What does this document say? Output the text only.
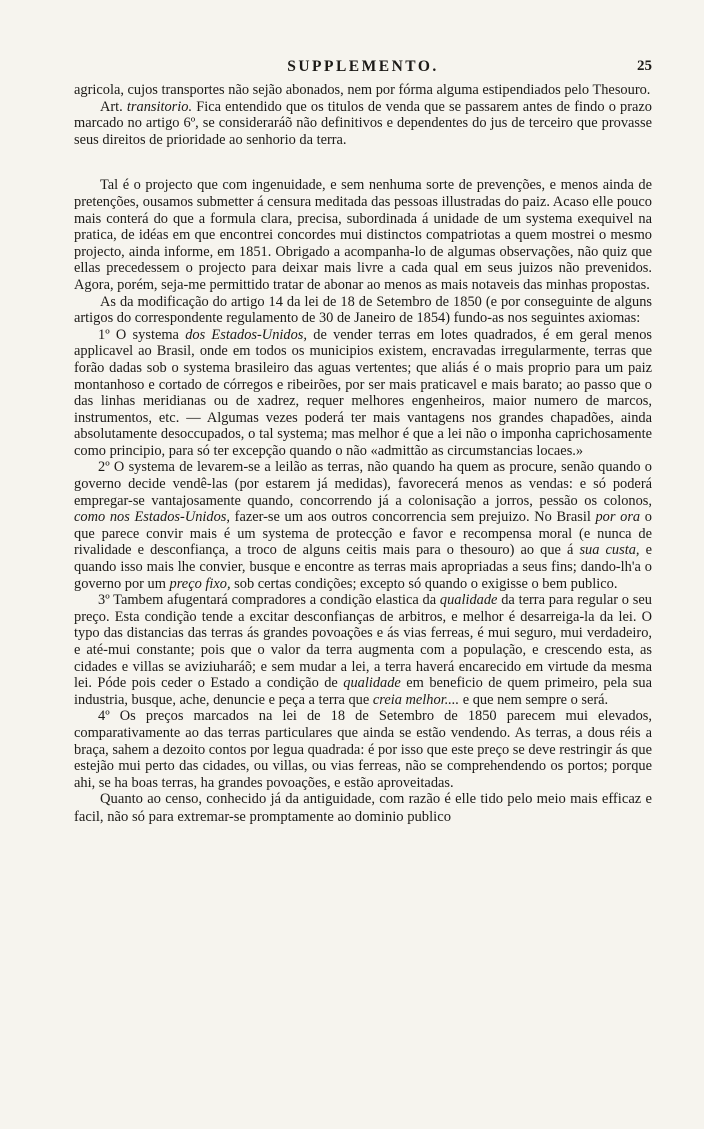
SUPPLEMENTO.	25

agricola, cujos transportes não sejão abonados, nem por fórma alguma estipendiados pelo Thesouro.

Art. transitorio. Fica entendido que os titulos de venda que se passarem antes de findo o prazo marcado no artigo 6º, se consideraráõ não definitivos e dependentes do jus de terceiro que provasse seus direitos de prioridade ao senhorio da terra.

Tal é o projecto que com ingenuidade, e sem nenhuma sorte de prevenções, e menos ainda de pretenções, ousamos submetter á censura meditada das pessoas illustradas do paiz. Acaso elle pouco mais conterá do que a formula clara, precisa, subordinada á unidade de um systema exequivel na pratica, de idéas em que encontrei concordes mui distinctos compatriotas a quem mostrei o mesmo projecto, ainda informe, em 1851. Obrigado a acompanha-lo de algumas observações, não quiz que ellas precedessem o projecto para deixar mais livre a cada qual em seus juizos não prevenidos. Agora, porém, seja-me permittido tratar de abonar ao menos as mais notaveis das minhas propostas.

As da modificação do artigo 14 da lei de 18 de Setembro de 1850 (e por conseguinte de alguns artigos do correspondente regulamento de 30 de Janeiro de 1854) fundo-as nos seguintes axiomas:

1º O systema dos Estados-Unidos, de vender terras em lotes quadrados, é em geral menos applicavel ao Brasil, onde em todos os municipios existem, encravadas irregularmente, terras que forão dadas sob o systema brasileiro das aguas vertentes; que aliás é o mais proprio para um paiz montanhoso e cortado de córregos e ribeirões, por ser mais praticavel e mais barato; ao passo que o das linhas meridianas ou de xadrez, requer melhores engenheiros, maior numero de marcos, instrumentos, etc. — Algumas vezes poderá ter mais vantagens nos grandes chapadões, ainda absolutamente desoccupados, o tal systema; mas melhor é que a lei não o imponha caprichosamente como principio, para só ter excepção quando o não «admittão as circumstancias locaes.»

2º O systema de levarem-se a leilão as terras, não quando ha quem as procure, senão quando o governo decide vendê-las (por estarem já medidas), favorecerá menos as vendas: e só poderá empregar-se vantajosamente quando, concorrendo já a colonisação a jorros, pessão os colonos, como nos Estados-Unidos, fazer-se um aos outros concorrencia sem prejuizo. No Brasil por ora o que parece convir mais é um systema de protecção e favor e recompensa moral (e nunca de rivalidade e desconfiança, a troco de alguns ceitis mais para o thesouro) ao que á sua custa, e quando isso mais lhe convier, busque e encontre as terras mais apropriadas a seus fins; dando-lh'a o governo por um preço fixo, sob certas condições; excepto só quando o exigisse o bem publico.

3º Tambem afugentará compradores a condição elastica da qualidade da terra para regular o seu preço. Esta condição tende a excitar desconfianças de arbitros, e melhor é desarreiga-la da lei. O typo das distancias das terras ás grandes povoações e ás vias ferreas, é mui seguro, mui verdadeiro, e até-mui constante; pois que o valor da terra augmenta com a população, e crescendo esta, as cidades e villas se aviziuharáõ; e sem mudar a lei, a terra haverá encarecido em virtude da mesma lei. Póde pois ceder o Estado a condição de qualidade em beneficio de quem primeiro, pela sua industria, busque, ache, denuncie e peça a terra que creia melhor.... e que nem sempre o será.

4º Os preços marcados na lei de 18 de Setembro de 1850 parecem mui elevados, comparativamente ao das terras particulares que ainda se estão vendendo. As terras, a dous réis a braça, sahem a dezoito contos por legua quadrada: é por isso que este preço se deve restringir ás que estejão mui perto das cidades, ou villas, ou vias ferreas, não se comprehendendo os portos; porque ahi, se ha boas terras, ha grandes povoações, e estão aproveitadas.

Quanto ao censo, conhecido já da antiguidade, com razão é elle tido pelo meio mais efficaz e facil, não só para extremar-se promptamente ao dominio publico
